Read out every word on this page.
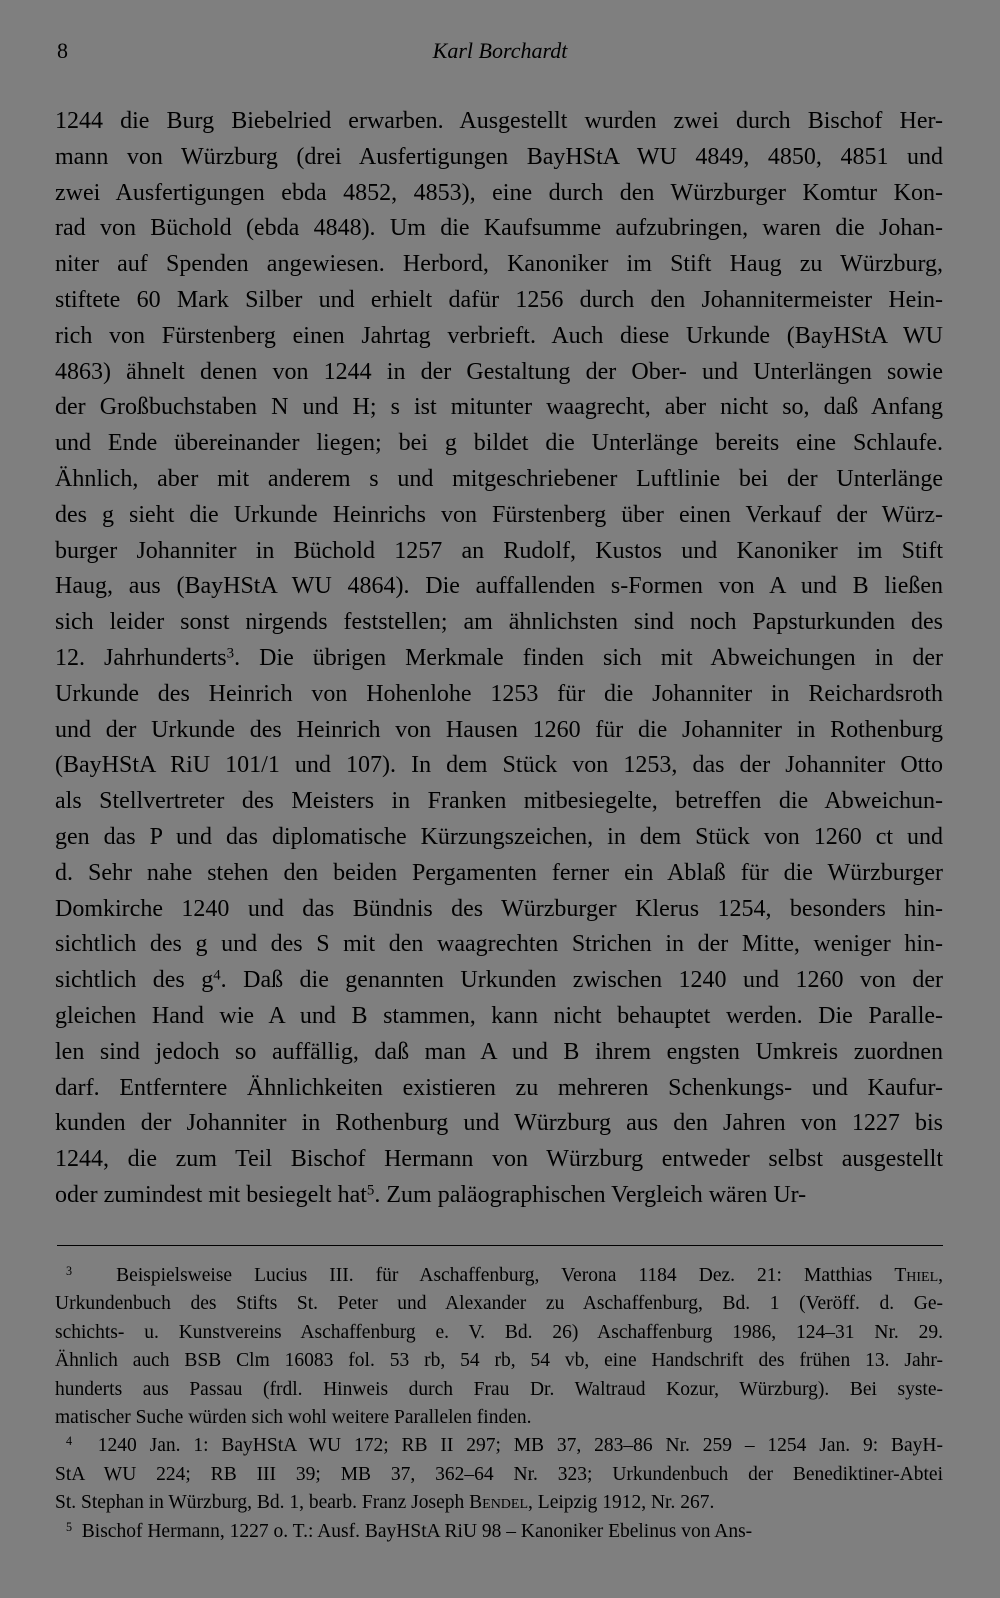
8	Karl Borchardt
1244 die Burg Biebelried erwarben. Ausgestellt wurden zwei durch Bischof Her-
mann von Würzburg (drei Ausfertigungen BayHStA WU 4849, 4850, 4851 und
zwei Ausfertigungen ebda 4852, 4853), eine durch den Würzburger Komtur Kon-
rad von Büchold (ebda 4848). Um die Kaufsumme aufzubringen, waren die Johan-
niter auf Spenden angewiesen. Herbord, Kanoniker im Stift Haug zu Würzburg,
stiftete 60 Mark Silber und erhielt dafür 1256 durch den Johannitermeister Hein-
rich von Fürstenberg einen Jahrtag verbrieft. Auch diese Urkunde (BayHStA WU
4863) ähnelt denen von 1244 in der Gestaltung der Ober- und Unterlängen sowie
der Großbuchstaben N und H; s ist mitunter waagrecht, aber nicht so, daß Anfang
und Ende übereinander liegen; bei g bildet die Unterlänge bereits eine Schlaufe.
Ähnlich, aber mit anderem s und mitgeschriebener Luftlinie bei der Unterlänge
des g sieht die Urkunde Heinrichs von Fürstenberg über einen Verkauf der Würz-
burger Johanniter in Büchold 1257 an Rudolf, Kustos und Kanoniker im Stift
Haug, aus (BayHStA WU 4864). Die auffallenden s-Formen von A und B ließen
sich leider sonst nirgends feststellen; am ähnlichsten sind noch Papsturkunden des
12. Jahrhunderts$^3$. Die übrigen Merkmale finden sich mit Abweichungen in der
Urkunde des Heinrich von Hohenlohe 1253 für die Johanniter in Reichardsroth
und der Urkunde des Heinrich von Hausen 1260 für die Johanniter in Rothenburg
(BayHStA RiU 101/1 und 107). In dem Stück von 1253, das der Johanniter Otto
als Stellvertreter des Meisters in Franken mitbesiegelte, betreffen die Abweichun-
gen das P und das diplomatische Kürzungszeichen, in dem Stück von 1260 ct und
d. Sehr nahe stehen den beiden Pergamenten ferner ein Ablaß für die Würzburger
Domkirche 1240 und das Bündnis des Würzburger Klerus 1254, besonders hin-
sichtlich des g und des S mit den waagrechten Strichen in der Mitte, weniger hin-
sichtlich des $g^4$. Daß die genannten Urkunden zwischen 1240 und 1260 von der
gleichen Hand wie A und B stammen, kann nicht behauptet werden. Die Paralle-
len sind jedoch so auffällig, daß man A und B ihrem engsten Umkreis zuordnen
darf. Entferntere Ähnlichkeiten existieren zu mehreren Schenkungs- und Kaufur-
kunden der Johanniter in Rothenburg und Würzburg aus den Jahren von 1227 bis
1244, die zum Teil Bischof Hermann von Würzburg entweder selbst ausgestellt
oder zumindest mit besiegelt hat$^5$. Zum paläographischen Vergleich wären Ur-
$^3$ Beispielsweise Lucius III. für Aschaffenburg, Verona 1184 Dez. 21: Matthias Thiel,
Urkundenbuch des Stifts St. Peter und Alexander zu Aschaffenburg, Bd. 1 (Veröff. d. Ge-
schichts- u. Kunstvereins Aschaffenburg e. V. Bd. 26) Aschaffenburg 1986, 124–31 Nr. 29.
Ähnlich auch BSB Clm 16083 fol. 53 rb, 54 rb, 54 vb, eine Handschrift des frühen 13. Jahr-
hunderts aus Passau (frdl. Hinweis durch Frau Dr. Waltraud Kozur, Würzburg). Bei syste-
matischer Suche würden sich wohl weitere Parallelen finden.
$^4$ 1240 Jan. 1: BayHStA WU 172; RB II 297; MB 37, 283–86 Nr. 259 – 1254 Jan. 9: BayH-
StA WU 224; RB III 39; MB 37, 362–64 Nr. 323; Urkundenbuch der Benediktiner-Abtei
St. Stephan in Würzburg, Bd. 1, bearb. Franz Joseph Bendel, Leipzig 1912, Nr. 267.
$^5$ Bischof Hermann, 1227 o. T.: Ausf. BayHStA RiU 98 – Kanoniker Ebelinus von Ans-
